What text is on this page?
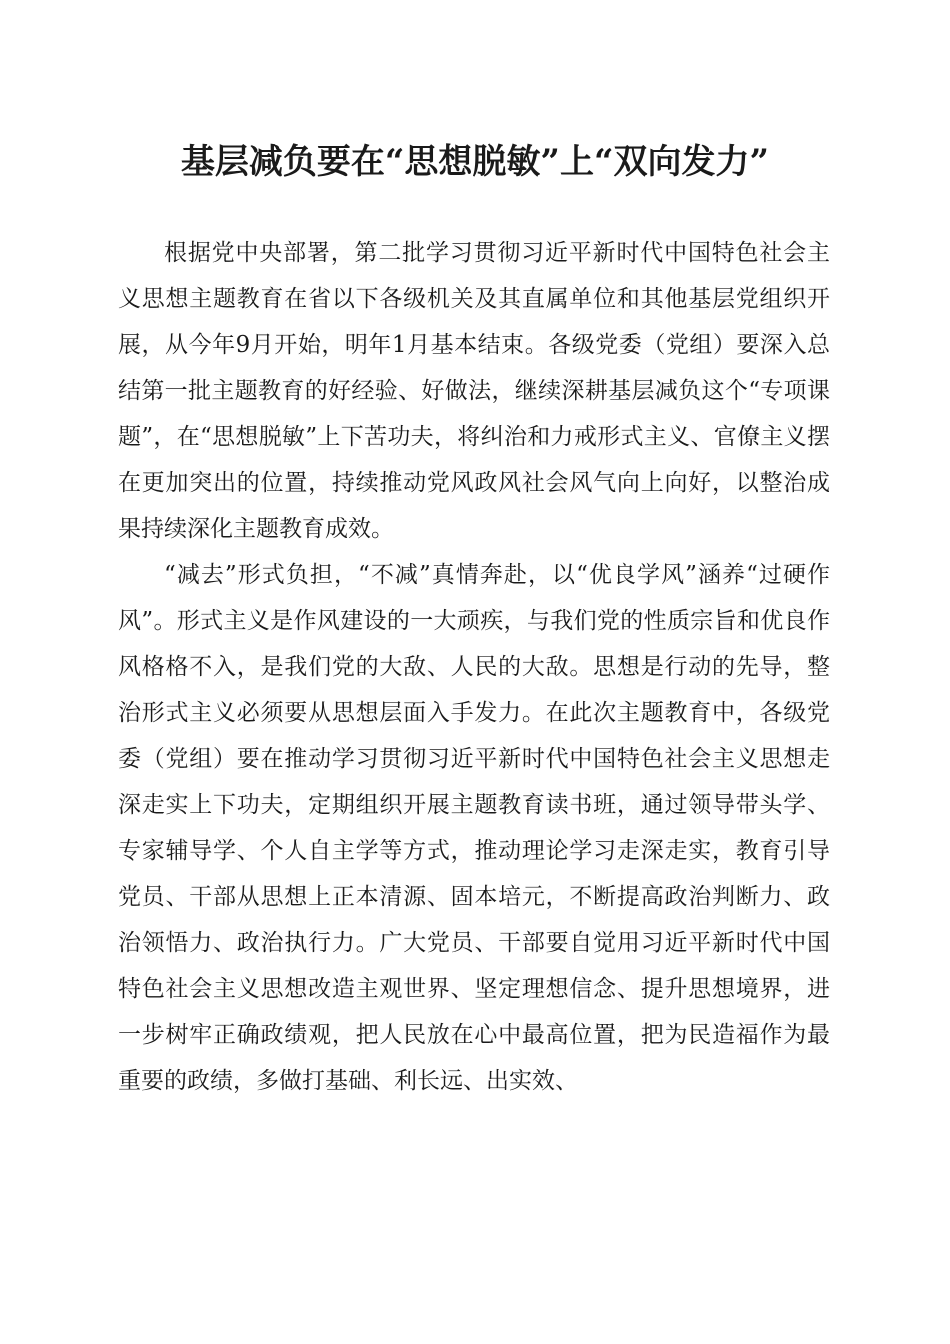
基层减负要在“思想脱敏”上“双向发力”

根据党中央部署，第二批学习贯彻习近平新时代中国特色社会主义思想主题教育在省以下各级机关及其直属单位和其他基层党组织开展，从今年9月开始，明年1月基本结束。各级党委（党组）要深入总结第一批主题教育的好经验、好做法，继续深耕基层减负这个“专项课题”，在“思想脱敏”上下苦功夫，将纠治和力戒形式主义、官僚主义摆在更加突出的位置，持续推动党风政风社会风气向上向好，以整治成果持续深化主题教育成效。

“减去”形式负担，“不减”真情奔赴，以“优良学风”涵养“过硬作风”。形式主义是作风建设的一大顽疾，与我们党的性质宗旨和优良作风格格不入，是我们党的大敌、人民的大敌。思想是行动的先导，整治形式主义必须要从思想层面入手发力。在此次主题教育中，各级党委（党组）要在推动学习贯彻习近平新时代中国特色社会主义思想走深走实上下功夫，定期组织开展主题教育读书班，通过领导带头学、专家辅导学、个人自主学等方式，推动理论学习走深走实，教育引导党员、干部从思想上正本清源、固本培元，不断提高政治判断力、政治领悟力、政治执行力。广大党员、干部要自觉用习近平新时代中国特色社会主义思想改造主观世界、坚定理想信念、提升思想境界，进一步树牢正确政绩观，把人民放在心中最高位置，把为民造福作为最重要的政绩，多做打基础、利长远、出实效、
